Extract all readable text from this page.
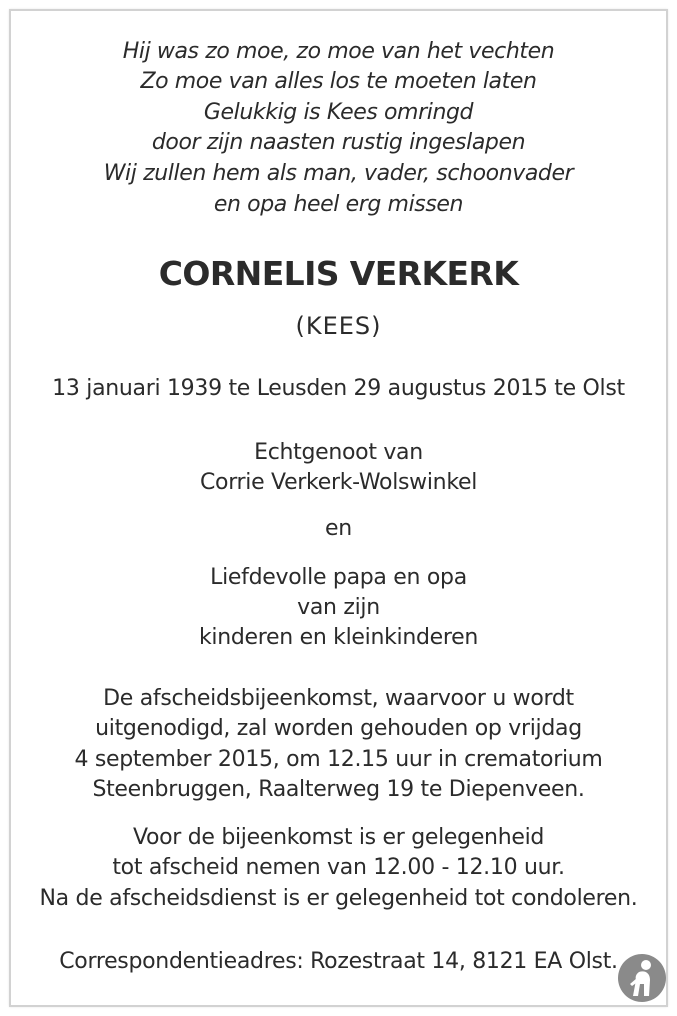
Hij was zo moe, zo moe van het vechten
Zo moe van alles los te moeten laten
Gelukkig is Kees omringd
door zijn naasten rustig ingeslapen
Wij zullen hem als man, vader, schoonvader
en opa heel erg missen
CORNELIS VERKERK
(KEES)
13 januari 1939 te Leusden 29 augustus 2015 te Olst
Echtgenoot van
Corrie Verkerk-Wolswinkel
en
Liefdevolle papa en opa
van zijn
kinderen en kleinkinderen
De afscheidsbijeenkomst, waarvoor u wordt
uitgenodigd, zal worden gehouden op vrijdag
4 september 2015, om 12.15 uur in crematorium
Steenbruggen, Raalterweg 19 te Diepenveen.
Voor de bijeenkomst is er gelegenheid
tot afscheid nemen van 12.00 - 12.10 uur.
Na de afscheidsdienst is er gelegenheid tot condoleren.
Correspondentieadres: Rozestraat 14, 8121 EA Olst.
